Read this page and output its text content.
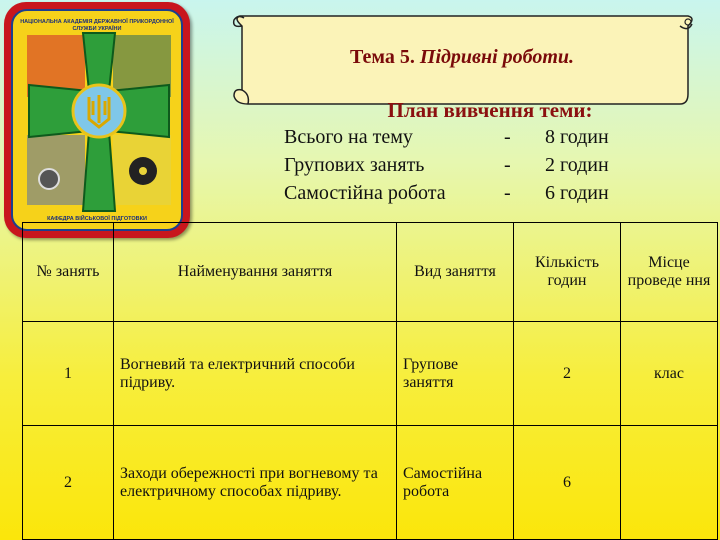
НАЦІОНАЛЬНА АКАДЕМІЯ ДЕРЖАВНОЇ ПРИКОРДОННОЇ СЛУЖБИ УКРАЇНИ
КАФЕДРА ВІЙСЬКОВОЇ ПІДГОТОВКИ
Тема 5. Підривні роботи.
План вивчення теми:
Всього на тему	- 8 годин
Групових занять	- 2 годин
Самостійна робота	- 6 годин
№ занять	Найменування заняття	Вид заняття	Кількість годин	Місце проведе ння
1	Вогневий та електричний способи підриву.	Групове заняття	2	клас
2	Заходи обережності при вогневому та електричному способах підриву.	Самостійна робота	6	
